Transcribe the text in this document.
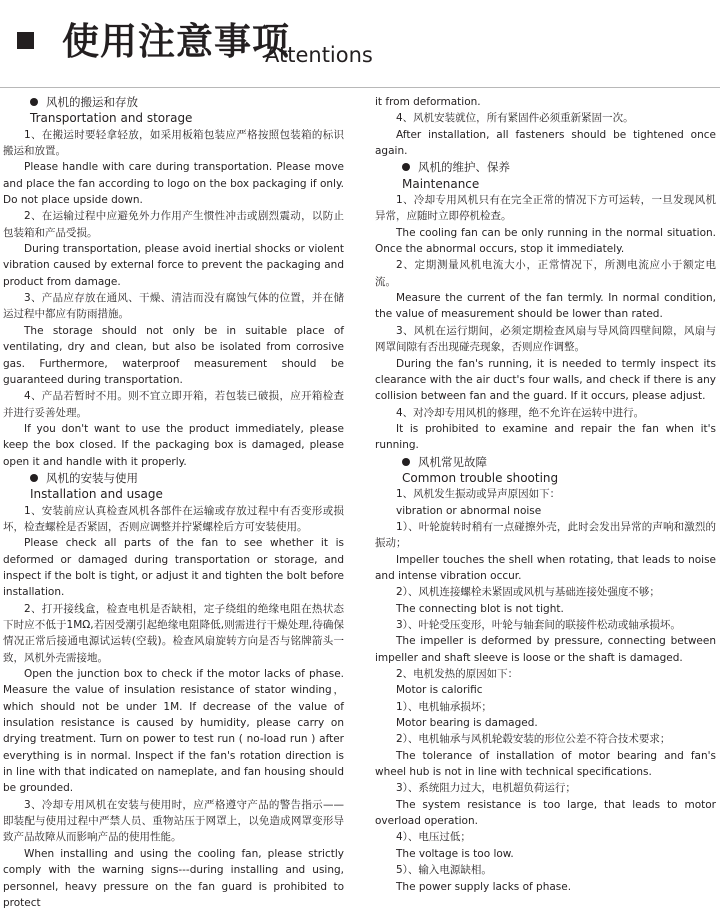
使用注意事项
Attentions

风机的搬运和存放

Transportation and storage

1、在搬运时要轻拿轻放，如采用板箱包装应严格按照包装箱的标识搬运和放置。

Please handle with care during transportation. Please move and place the fan according to logo on the box packaging if only. Do not place upside down.

2、在运输过程中应避免外力作用产生惯性冲击或剧烈震动，以防止包装箱和产品受损。

During transportation, please avoid inertial shocks or violent vibration caused by external force to prevent the packaging and product from damage.

3、产品应存放在通风、干燥、清洁而没有腐蚀气体的位置，并在储运过程中都应有防雨措施。

The storage should not only be in suitable place of ventilating, dry and clean, but also be isolated from corrosive gas. Furthermore, waterproof measurement should be guaranteed during transportation.

4、产品若暂时不用。则不宜立即开箱，若包装已破损，应开箱检查并进行妥善处理。

If you don't want to use the product immediately, please keep the box closed. If the packaging box is damaged, please open it and handle with it properly.

风机的安装与使用

Installation and usage

1、安装前应认真检查风机各部件在运输或存放过程中有否变形或损坏，检查螺栓是否紧固，否则应调整并拧紧螺栓后方可安装使用。

Please check all parts of the fan to see whether it is deformed or damaged during transportation or storage, and inspect if the bolt is tight, or adjust it and tighten the bolt before installation.

2、打开接线盒，检查电机是否缺相，定子绕组的绝缘电阻在热状态下时应不低于1MΩ,若因受潮引起绝缘电阻降低,则需进行干燥处理,待确保情况正常后接通电源试运转(空载)。检查风扇旋转方向是否与铭牌箭头一致，风机外壳需接地。

Open the junction box to check if the motor lacks of phase. Measure the value of insulation resistance of stator winding，which should not be under 1M. If decrease of the value of insulation resistance is caused by humidity, please carry on drying treatment. Turn on power to test run ( no-load run ) after everything is in normal. Inspect if the fan's rotation direction is in line with that indicated on nameplate, and fan housing should be grounded.

3、冷却专用风机在安装与使用时，应严格遵守产品的警告指示——即装配与使用过程中严禁人员、重物站压于网罩上，以免造成网罩变形导致产品故障从而影响产品的使用性能。

When installing and using the cooling fan, please strictly comply with the warning signs---during installing and using, personnel, heavy pressure on the fan guard is prohibited to protect

it from deformation.

4、风机安装就位，所有紧固件必须重新紧固一次。

After installation, all fasteners should be tightened once again.

风机的维护、保养

Maintenance

1、冷却专用风机只有在完全正常的情况下方可运转，一旦发现风机异常，应随时立即停机检查。

The cooling fan can be only running in the normal situation. Once the abnormal occurs, stop it immediately.

2、定期测量风机电流大小，正常情况下，所测电流应小于额定电流。

Measure the current of the fan termly. In normal condition, the value of measurement should be lower than rated.

3、风机在运行期间，必须定期检查风扇与导风筒四壁间隙，风扇与网罩间隙有否出现碰壳现象，否则应作调整。

During the fan's running, it is needed to termly inspect its clearance with the air duct's four walls, and check if there is any collision between fan and the guard. If it occurs, please adjust.

4、对冷却专用风机的修理，绝不允许在运转中进行。

It is prohibited to examine and repair the fan when it's running.

风机常见故障

Common trouble shooting

1、风机发生振动或异声原因如下：

vibration or abnormal noise

1）、叶轮旋转时稍有一点碰擦外壳，此时会发出异常的声响和激烈的振动；

Impeller touches the shell when rotating, that leads to noise and intense vibration occur.

2）、风机连接螺栓未紧固或风机与基础连接处强度不够；

The connecting blot is not tight.

3）、叶轮受压变形，叶轮与轴套间的联接件松动或轴承损坏。

The impeller is deformed by pressure, connecting between impeller and shaft sleeve is loose or the shaft is damaged.

2、电机发热的原因如下：

Motor is calorific

1）、电机轴承损坏；

Motor bearing is damaged.

2）、电机轴承与风机轮毂安装的形位公差不符合技术要求；

The tolerance of installation of motor bearing and fan's wheel hub is not in line with technical specifications.

3）、系统阻力过大，电机超负荷运行；

The system resistance is too large, that leads to motor overload operation.

4）、电压过低；

The voltage is too low.

5）、输入电源缺相。

The power supply lacks of phase.
